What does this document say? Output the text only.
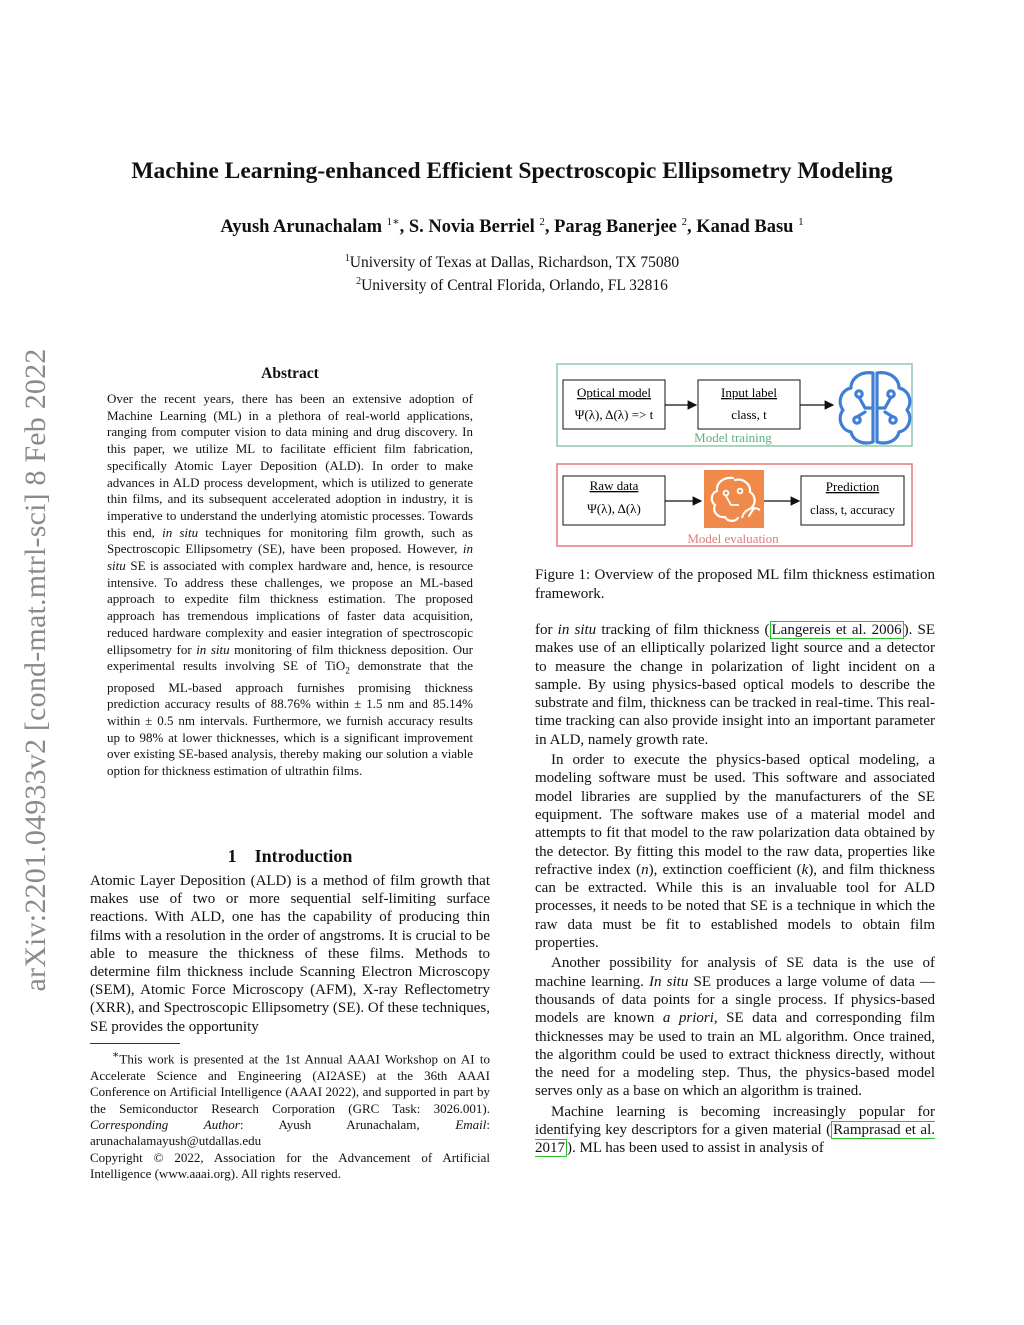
arXiv:2201.04933v2 [cond-mat.mtrl-sci] 8 Feb 2022
Machine Learning-enhanced Efficient Spectroscopic Ellipsometry Modeling
Ayush Arunachalam $^{1∗}$, S. Novia Berriel $^2$, Parag Banerjee $^2$, Kanad Basu $^1$
$^1$University of Texas at Dallas, Richardson, TX 75080
$^2$University of Central Florida, Orlando, FL 32816
Abstract
Over the recent years, there has been an extensive adoption of Machine Learning (ML) in a plethora of real-world applications, ranging from computer vision to data mining and drug discovery. In this paper, we utilize ML to facilitate efficient film fabrication, specifically Atomic Layer Deposition (ALD). In order to make advances in ALD process development, which is utilized to generate thin films, and its subsequent accelerated adoption in industry, it is imperative to understand the underlying atomistic processes. Towards this end, in situ techniques for monitoring film growth, such as Spectroscopic Ellipsometry (SE), have been proposed. However, in situ SE is associated with complex hardware and, hence, is resource intensive. To address these challenges, we propose an ML-based approach to expedite film thickness estimation. The proposed approach has tremendous implications of faster data acquisition, reduced hardware complexity and easier integration of spectroscopic ellipsometry for in situ monitoring of film thickness deposition. Our experimental results involving SE of TiO$_2$ demonstrate that the proposed ML-based approach furnishes promising thickness prediction accuracy results of 88.76% within ± 1.5 nm and 85.14% within ± 0.5 nm intervals. Furthermore, we furnish accuracy results up to 98% at lower thicknesses, which is a significant improvement over existing SE-based analysis, thereby making our solution a viable option for thickness estimation of ultrathin films.
1    Introduction
Atomic Layer Deposition (ALD) is a method of film growth that makes use of two or more sequential self-limiting surface reactions. With ALD, one has the capability of producing thin films with a resolution in the order of angstroms. It is crucial to be able to measure the thickness of these films. Methods to determine film thickness include Scanning Electron Microscopy (SEM), Atomic Force Microscopy (AFM), X-ray Reflectometry (XRR), and Spectroscopic Ellipsometry (SE). Of these techniques, SE provides the opportunity

∗This work is presented at the 1st Annual AAAI Workshop on AI to Accelerate Science and Engineering (AI2ASE) at the 36th AAAI Conference on Artificial Intelligence (AAAI 2022), and supported in part by the Semiconductor Research Corporation (GRC Task: 3026.001). Corresponding Author: Ayush Arunachalam,	Email: arunachalamayush@utdallas.edu

Copyright © 2022, Association for the Advancement of Artificial Intelligence (www.aaai.org). All rights reserved.

Optical model
Ψ(λ), Δ(λ) => t
Input label
class, t
Model training
Raw data
Ψ(λ), Δ(λ)
Prediction
class, t, accuracy
Model evaluation
Figure 1: Overview of the proposed ML film thickness estimation framework.

for in situ tracking of film thickness ( Langereis et al. 2006 ). SE makes use of an elliptically polarized light source and a detector to measure the change in polarization of light incident on a sample. By using physics-based optical models to describe the substrate and film, thickness can be tracked in real-time. This real-time tracking can also provide insight into an important parameter in ALD, namely growth rate.

In order to execute the physics-based optical modeling, a modeling software must be used. This software and associated model libraries are supplied by the manufacturers of the SE equipment. The software makes use of a material model and attempts to fit that model to the raw polarization data obtained by the detector. By fitting this model to the raw data, properties like refractive index (n), extinction coefficient (k), and film thickness can be extracted. While this is an invaluable tool for ALD processes, it needs to be noted that SE is a technique in which the raw data must be fit to established models to obtain film properties.

Another possibility for analysis of SE data is the use of machine learning. In situ SE produces a large volume of data —thousands of data points for a single process. If physics-based models are known a priori, SE data and corresponding film thicknesses may be used to train an ML algorithm. Once trained, the algorithm could be used to extract thickness directly, without the need for a modeling step. Thus, the physics-based model serves only as a base on which an algorithm is trained.

Machine learning is becoming increasingly popular for identifying key descriptors for a given material ( Ramprasad et al. 2017 ). ML has been used to assist in analysis of
